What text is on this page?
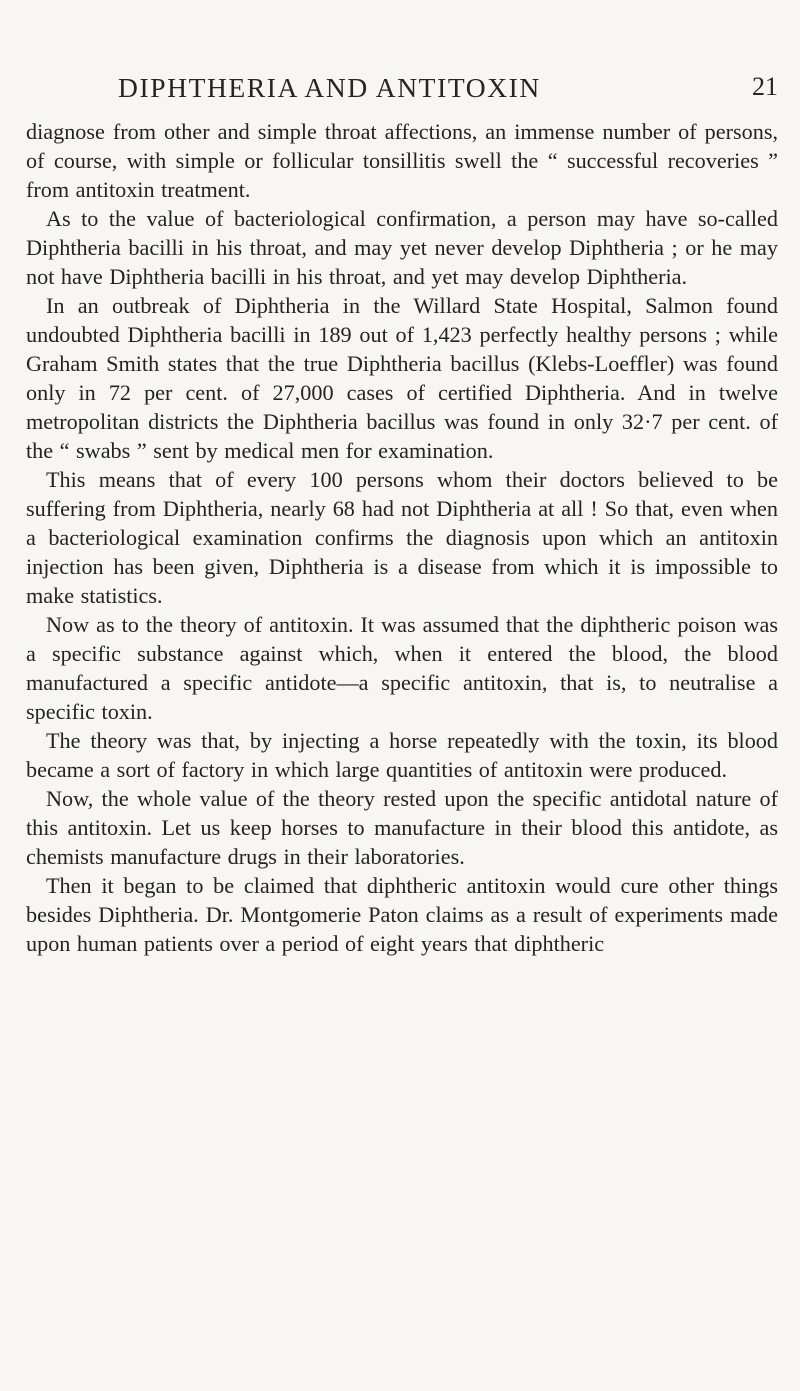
DIPHTHERIA AND ANTITOXIN	21

diagnose from other and simple throat affections, an immense number of persons, of course, with simple or follicular tonsillitis swell the “ successful recoveries ” from antitoxin treatment.

As to the value of bacteriological confirmation, a person may have so-called Diphtheria bacilli in his throat, and may yet never develop Diphtheria ; or he may not have Diphtheria bacilli in his throat, and yet may develop Diphtheria.

In an outbreak of Diphtheria in the Willard State Hospital, Salmon found undoubted Diphtheria bacilli in 189 out of 1,423 perfectly healthy persons ; while Graham Smith states that the true Diphtheria bacillus (Klebs-Loeffler) was found only in 72 per cent. of 27,000 cases of certified Diphtheria. And in twelve metropolitan districts the Diphtheria bacillus was found in only 32·7 per cent. of the “ swabs ” sent by medical men for examination.

This means that of every 100 persons whom their doctors believed to be suffering from Diphtheria, nearly 68 had not Diphtheria at all ! So that, even when a bacteriological examination confirms the diagnosis upon which an antitoxin injection has been given, Diphtheria is a disease from which it is impossible to make statistics.

Now as to the theory of antitoxin. It was assumed that the diphtheric poison was a specific substance against which, when it entered the blood, the blood manufactured a specific antidote—a specific antitoxin, that is, to neutralise a specific toxin.

The theory was that, by injecting a horse repeatedly with the toxin, its blood became a sort of factory in which large quantities of antitoxin were produced.

Now, the whole value of the theory rested upon the specific antidotal nature of this antitoxin. Let us keep horses to manufacture in their blood this antidote, as chemists manufacture drugs in their laboratories.

Then it began to be claimed that diphtheric antitoxin would cure other things besides Diphtheria. Dr. Montgomerie Paton claims as a result of experiments made upon human patients over a period of eight years that diphtheric
